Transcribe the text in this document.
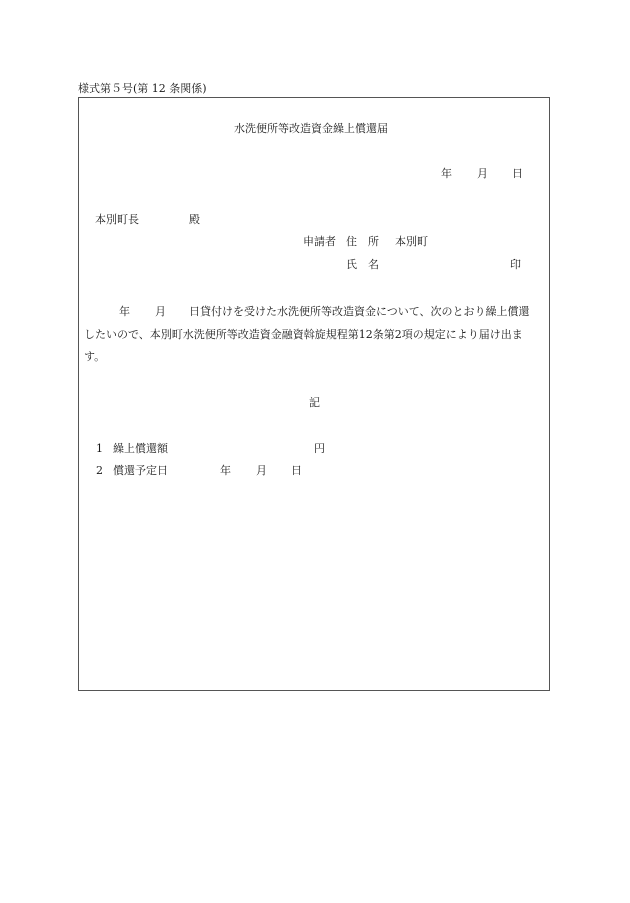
様式第５号(第 12 条関係)
水洗便所等改造資金繰上償還届
年 月 日
本別町長	殿
申請者 住　所 本別町
氏　名	印
年 月 日貸付けを受けた水洗便所等改造資金について、次のとおり繰上償還
したいので、本別町水洗便所等改造資金融資斡旋規程第12条第2項の規定により届け出ま
す。
記
1 繰上償還額	円
2 償還予定日	年 月 日
